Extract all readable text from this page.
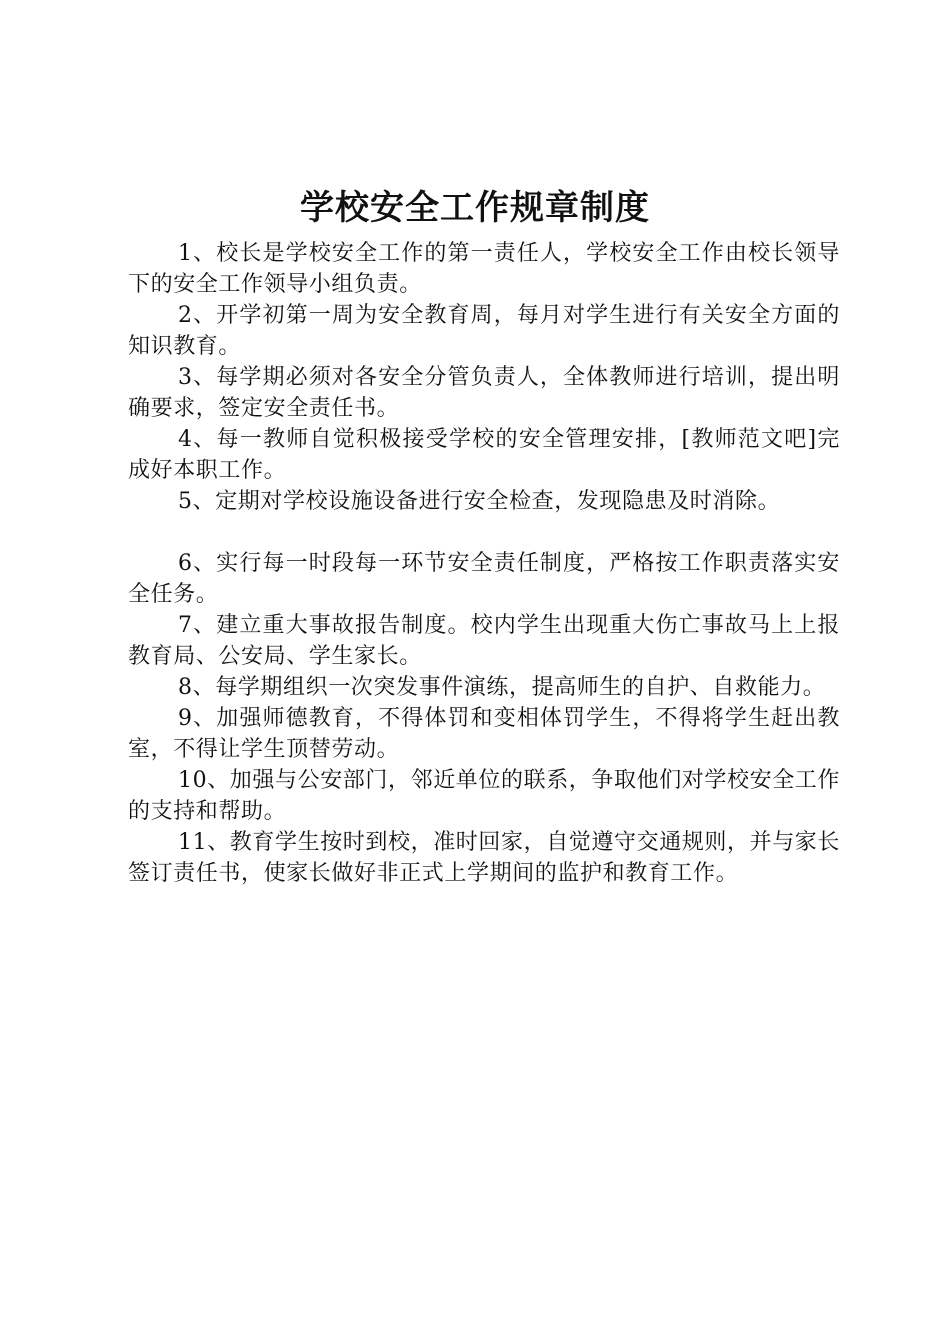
学校安全工作规章制度

1、校长是学校安全工作的第一责任人，学校安全工作由校长领导下的安全工作领导小组负责。

2、开学初第一周为安全教育周，每月对学生进行有关安全方面的知识教育。

3、每学期必须对各安全分管负责人，全体教师进行培训，提出明确要求，签定安全责任书。

4、每一教师自觉积极接受学校的安全管理安排，[教师范文吧]完成好本职工作。

5、定期对学校设施设备进行安全检查，发现隐患及时消除。

6、实行每一时段每一环节安全责任制度，严格按工作职责落实安全任务。

7、建立重大事故报告制度。校内学生出现重大伤亡事故马上上报教育局、公安局、学生家长。

8、每学期组织一次突发事件演练，提高师生的自护、自救能力。

9、加强师德教育，不得体罚和变相体罚学生，不得将学生赶出教室，不得让学生顶替劳动。

10、加强与公安部门，邻近单位的联系，争取他们对学校安全工作的支持和帮助。

11、教育学生按时到校，准时回家，自觉遵守交通规则，并与家长签订责任书，使家长做好非正式上学期间的监护和教育工作。
